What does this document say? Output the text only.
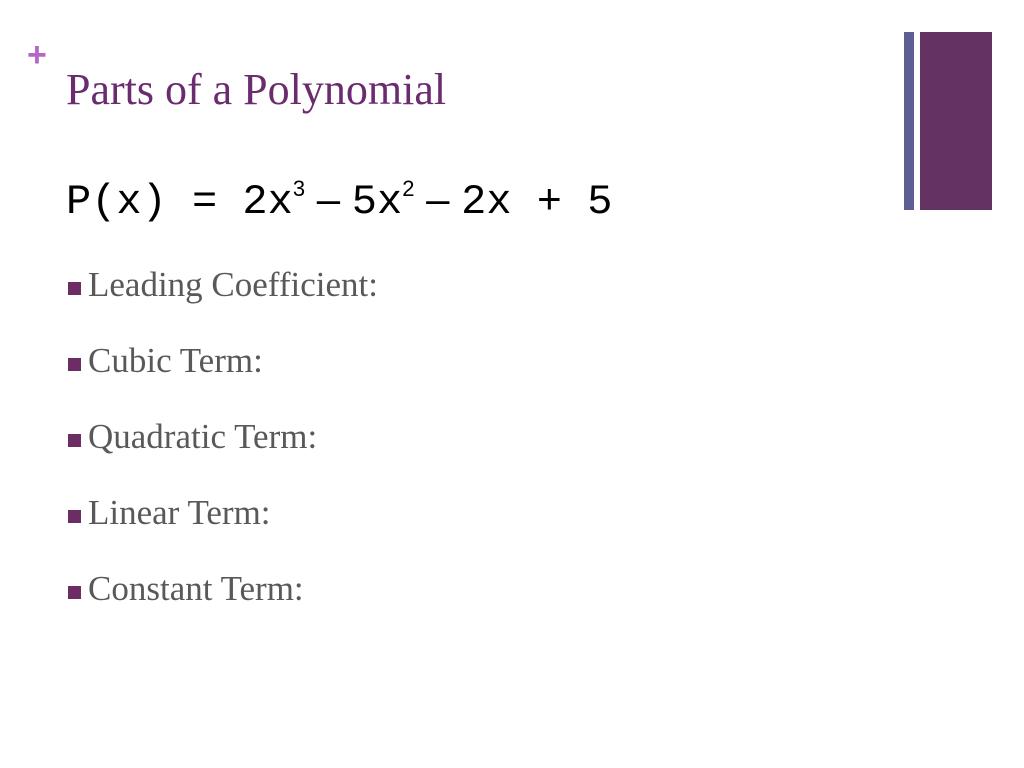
+
Parts of a Polynomial
$P(x) = 2x^3 - 5x^2 - 2x + 5$
Leading Coefficient:
Cubic Term:
Quadratic Term:
Linear Term:
Constant Term:
